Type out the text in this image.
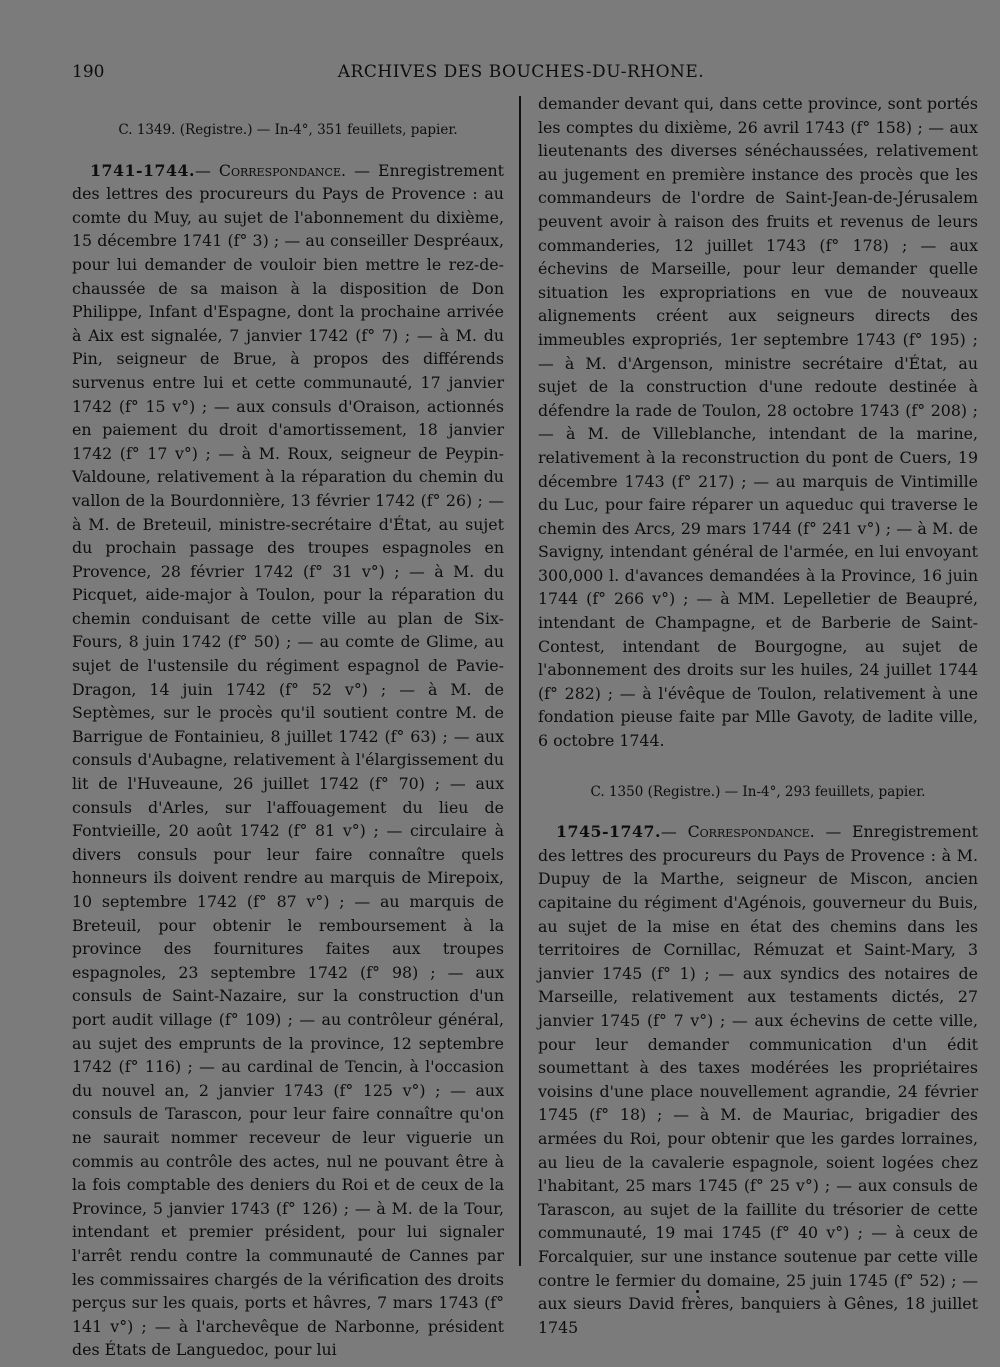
190	ARCHIVES DES BOUCHES-DU-RHONE.

C. 1349. (Registre.) — In-4°, 351 feuillets, papier.

1741-1744.— Correspondance. — Enregistrement des lettres des procureurs du Pays de Provence : au comte du Muy, au sujet de l'abonnement du dixième, 15 décembre 1741 (f° 3) ; — au conseiller Despréaux, pour lui demander de vouloir bien mettre le rez-de-chaussée de sa maison à la disposition de Don Philippe, Infant d'Espagne, dont la prochaine arrivée à Aix est signalée, 7 janvier 1742 (f° 7) ; — à M. du Pin, seigneur de Brue, à propos des différends survenus entre lui et cette communauté, 17 janvier 1742 (f° 15 v°) ; — aux consuls d'Oraison, actionnés en paiement du droit d'amortissement, 18 janvier 1742 (f° 17 v°) ; — à M. Roux, seigneur de Peypin-Valdoune, relativement à la réparation du chemin du vallon de la Bourdonnière, 13 février 1742 (f° 26) ; — à M. de Breteuil, ministre-secrétaire d'État, au sujet du prochain passage des troupes espagnoles en Provence, 28 février 1742 (f° 31 v°) ; — à M. du Picquet, aide-major à Toulon, pour la réparation du chemin conduisant de cette ville au plan de Six-Fours, 8 juin 1742 (f° 50) ; — au comte de Glime, au sujet de l'ustensile du régiment espagnol de Pavie-Dragon, 14 juin 1742 (f° 52 v°) ; — à M. de Septèmes, sur le procès qu'il soutient contre M. de Barrigue de Fontainieu, 8 juillet 1742 (f° 63) ; — aux consuls d'Aubagne, relativement à l'élargissement du lit de l'Huveaune, 26 juillet 1742 (f° 70) ; — aux consuls d'Arles, sur l'affouagement du lieu de Fontvieille, 20 août 1742 (f° 81 v°) ; — circulaire à divers consuls pour leur faire connaître quels honneurs ils doivent rendre au marquis de Mirepoix, 10 septembre 1742 (f° 87 v°) ; — au marquis de Breteuil, pour obtenir le remboursement à la province des fournitures faites aux troupes espagnoles, 23 septembre 1742 (f° 98) ; — aux consuls de Saint-Nazaire, sur la construction d'un port audit village (f° 109) ; — au contrôleur général, au sujet des emprunts de la province, 12 septembre 1742 (f° 116) ; — au cardinal de Tencin, à l'occasion du nouvel an, 2 janvier 1743 (f° 125 v°) ; — aux consuls de Tarascon, pour leur faire connaître qu'on ne saurait nommer receveur de leur viguerie un commis au contrôle des actes, nul ne pouvant être à la fois comptable des deniers du Roi et de ceux de la Province, 5 janvier 1743 (f° 126) ; — à M. de la Tour, intendant et premier président, pour lui signaler l'arrêt rendu contre la communauté de Cannes par les commissaires chargés de la vérification des droits perçus sur les quais, ports et hâvres, 7 mars 1743 (f° 141 v°) ; — à l'archevêque de Narbonne, président des États de Languedoc, pour lui

demander devant qui, dans cette province, sont portés les comptes du dixième, 26 avril 1743 (f° 158) ; — aux lieutenants des diverses sénéchaussées, relativement au jugement en première instance des procès que les commandeurs de l'ordre de Saint-Jean-de-Jérusalem peuvent avoir à raison des fruits et revenus de leurs commanderies, 12 juillet 1743 (f° 178) ; — aux échevins de Marseille, pour leur demander quelle situation les expropriations en vue de nouveaux alignements créent aux seigneurs directs des immeubles expropriés, 1er septembre 1743 (f° 195) ; — à M. d'Argenson, ministre secrétaire d'État, au sujet de la construction d'une redoute destinée à défendre la rade de Toulon, 28 octobre 1743 (f° 208) ; — à M. de Villeblanche, intendant de la marine, relativement à la reconstruction du pont de Cuers, 19 décembre 1743 (f° 217) ; — au marquis de Vintimille du Luc, pour faire réparer un aqueduc qui traverse le chemin des Arcs, 29 mars 1744 (f° 241 v°) ; — à M. de Savigny, intendant général de l'armée, en lui envoyant 300,000 l. d'avances demandées à la Province, 16 juin 1744 (f° 266 v°) ; — à MM. Lepelletier de Beaupré, intendant de Champagne, et de Barberie de Saint-Contest, intendant de Bourgogne, au sujet de l'abonnement des droits sur les huiles, 24 juillet 1744 (f° 282) ; — à l'évêque de Toulon, relativement à une fondation pieuse faite par Mlle Gavoty, de ladite ville, 6 octobre 1744.

C. 1350 (Registre.) — In-4°, 293 feuillets, papier.

1745-1747.— Correspondance. — Enregistrement des lettres des procureurs du Pays de Provence : à M. Dupuy de la Marthe, seigneur de Miscon, ancien capitaine du régiment d'Agénois, gouverneur du Buis, au sujet de la mise en état des chemins dans les territoires de Cornillac, Rémuzat et Saint-Mary, 3 janvier 1745 (f° 1) ; — aux syndics des notaires de Marseille, relativement aux testaments dictés, 27 janvier 1745 (f° 7 v°) ; — aux échevins de cette ville, pour leur demander communication d'un édit soumettant à des taxes modérées les propriétaires voisins d'une place nouvellement agrandie, 24 février 1745 (f° 18) ; — à M. de Mauriac, brigadier des armées du Roi, pour obtenir que les gardes lorraines, au lieu de la cavalerie espagnole, soient logées chez l'habitant, 25 mars 1745 (f° 25 v°) ; — aux consuls de Tarascon, au sujet de la faillite du trésorier de cette communauté, 19 mai 1745 (f° 40 v°) ; — à ceux de Forcalquier, sur une instance soutenue par cette ville contre le fermier du domaine, 25 juin 1745 (f° 52) ; — aux sieurs David frères, banquiers à Gênes, 18 juillet 1745
